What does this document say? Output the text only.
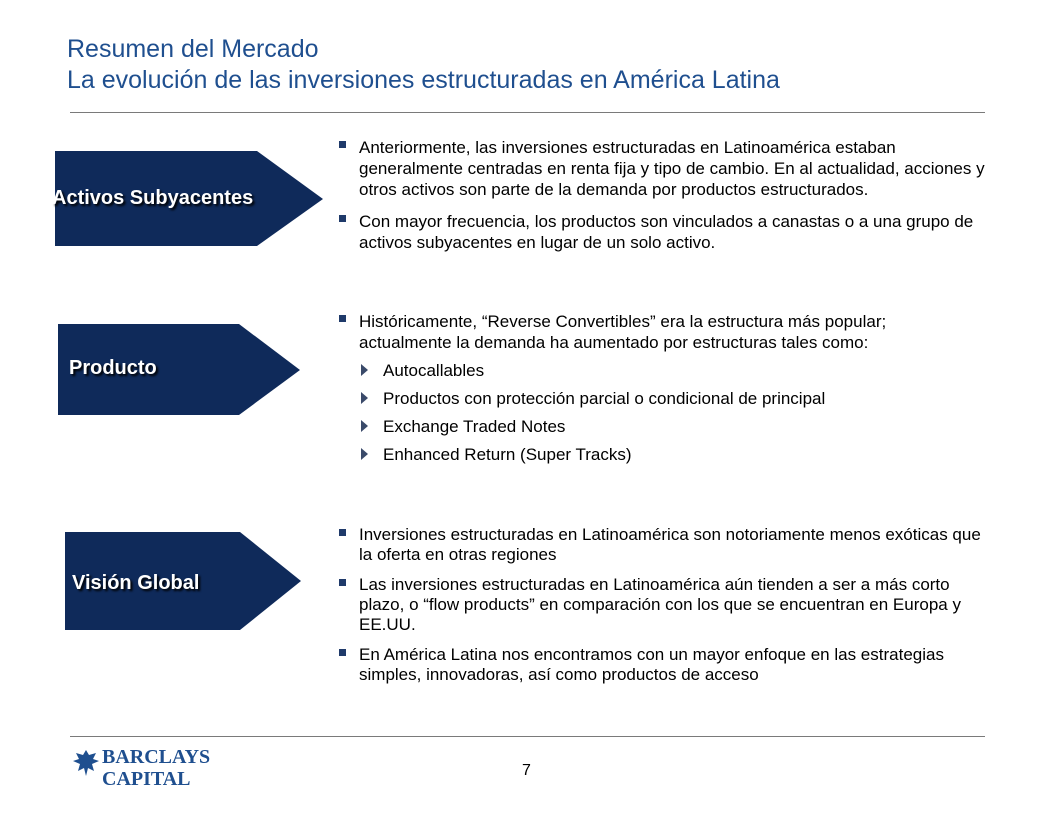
Resumen del Mercado
La evolución de las inversiones estructuradas en América Latina
Activos Subyacentes
Anteriormente, las inversiones estructuradas en Latinoamérica estaban generalmente centradas en renta fija y tipo de cambio. En al actualidad, acciones y otros activos son parte de la demanda por productos estructurados.
Con mayor frecuencia, los productos son vinculados a canastas o a una grupo de activos subyacentes en lugar de un solo activo.
Producto
Históricamente, “Reverse Convertibles” era la estructura más popular; actualmente la demanda ha aumentado por estructuras tales como:
Autocallables
Productos con protección parcial o condicional de principal
Exchange Traded Notes
Enhanced Return (Super Tracks)
Visión Global
Inversiones estructuradas en Latinoamérica son notoriamente menos exóticas que la oferta en otras regiones
Las inversiones estructuradas en Latinoamérica aún tienden a ser a más corto plazo, o “flow products” en comparación con los que se encuentran en Europa y EE.UU.
En América Latina nos encontramos con un mayor enfoque en las estrategias simples, innovadoras, así como productos de acceso
BARCLAYS
CAPITAL	7
